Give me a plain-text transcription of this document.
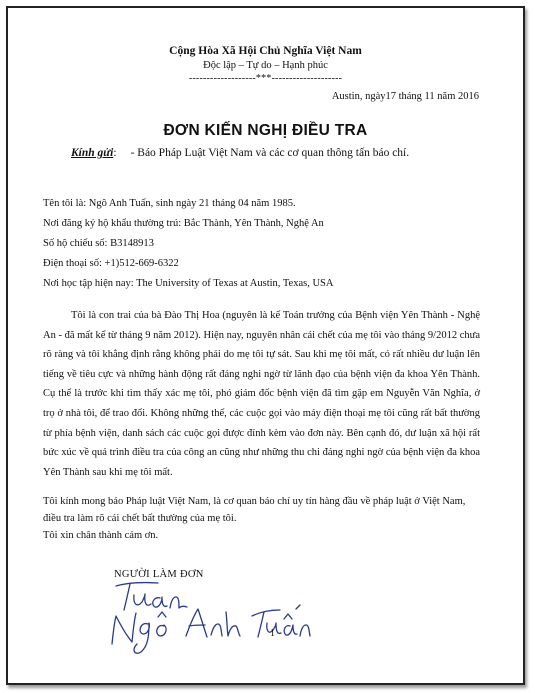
Cộng Hòa Xã Hội Chủ Nghĩa Việt Nam
Độc lập – Tự do – Hạnh phúc
-------------------***--------------------
Austin, ngày17 tháng 11 năm 2016
ĐƠN KIẾN NGHỊ ĐIỀU TRA
Kính gửi: - Báo Pháp Luật Việt Nam và các cơ quan thông tấn báo chí.
Tên tôi là: Ngô Anh Tuấn, sinh ngày 21 tháng 04 năm 1985.
Nơi đăng ký hộ khẩu thường trú: Bắc Thành, Yên Thành, Nghệ An
Số hộ chiếu số: B3148913
Điện thoại số: +1)512-669-6322
Nơi học tập hiện nay: The University of Texas at Austin, Texas, USA
Tôi là con trai của bà Đào Thị Hoa (nguyên là kế Toán trưởng của Bệnh viện Yên Thành - Nghệ An - đã mất kể từ tháng 9 năm 2012). Hiện nay, nguyên nhân cái chết của mẹ tôi vào tháng 9/2012 chưa rõ ràng và tôi khẳng định rằng không phải do mẹ tôi tự sát. Sau khi mẹ tôi mất, có rất nhiều dư luận lên tiếng về tiêu cực và những hành động rất đáng nghi ngờ từ lãnh đạo của bệnh viện đa khoa Yên Thành. Cụ thể là trước khi tìm thấy xác mẹ tôi, phó giám đốc bệnh viện đã tìm gặp em Nguyễn Văn Nghĩa, ở trọ ở nhà tôi, để trao đổi. Không những thế, các cuộc gọi vào máy điện thoại mẹ tôi cũng rất bất thường từ phía bệnh viện, danh sách các cuộc gọi được đính kèm vào đơn này. Bên cạnh đó, dư luận xã hội rất bức xúc về quá trình điều tra của công an cũng như những thu chi đáng nghi ngờ của bệnh viện đa khoa Yên Thành sau khi mẹ tôi mất.
Tôi kính mong báo Pháp luật Việt Nam, là cơ quan báo chí uy tín hàng đầu về pháp luật ở Việt Nam,
điều tra làm rõ cái chết bất thường của mẹ tôi.
Tôi xin chân thành cảm ơn.
NGƯỜI LÀM ĐƠN
1
